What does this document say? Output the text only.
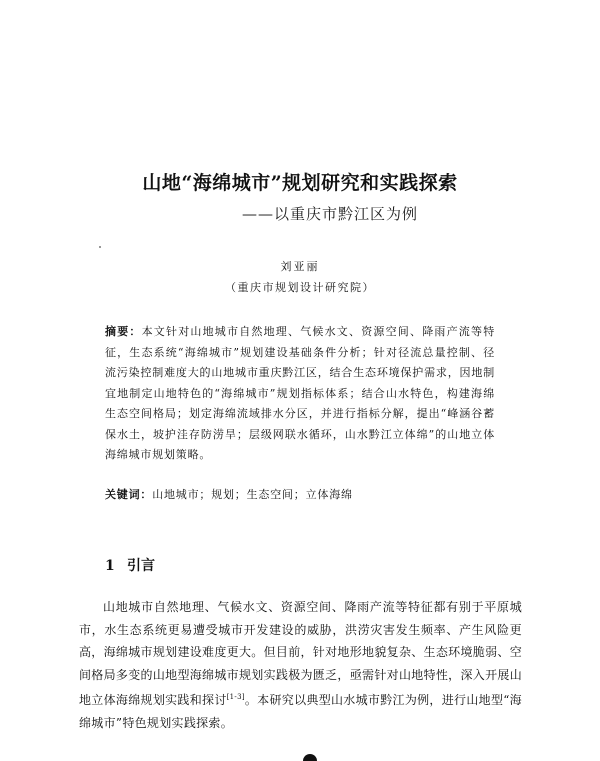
山地“海绵城市”规划研究和实践探索
——以重庆市黔江区为例
刘亚丽
（重庆市规划设计研究院）
摘要：本文针对山地城市自然地理、气候水文、资源空间、降雨产流等特征，生态系统“海绵城市”规划建设基础条件分析；针对径流总量控制、径流污染控制难度大的山地城市重庆黔江区，结合生态环境保护需求，因地制宜地制定山地特色的“海绵城市”规划指标体系；结合山水特色，构建海绵生态空间格局；划定海绵流域排水分区，并进行指标分解，提出“峰涵谷蓄保水土，坡护洼存防涝旱；层级网联水循环，山水黔江立体绵”的山地立体海绵城市规划策略。
关键词：山地城市；规划；生态空间；立体海绵
1 引言
山地城市自然地理、气候水文、资源空间、降雨产流等特征都有别于平原城市，水生态系统更易遭受城市开发建设的威胁，洪涝灾害发生频率、产生风险更高，海绵城市规划建设难度更大。但目前，针对地形地貌复杂、生态环境脆弱、空间格局多变的山地型海绵城市规划实践极为匮乏，亟需针对山地特性，深入开展山地立体海绵规划实践和探讨[1-3]。本研究以典型山水城市黔江为例，进行山地型“海绵城市”特色规划实践探索。
